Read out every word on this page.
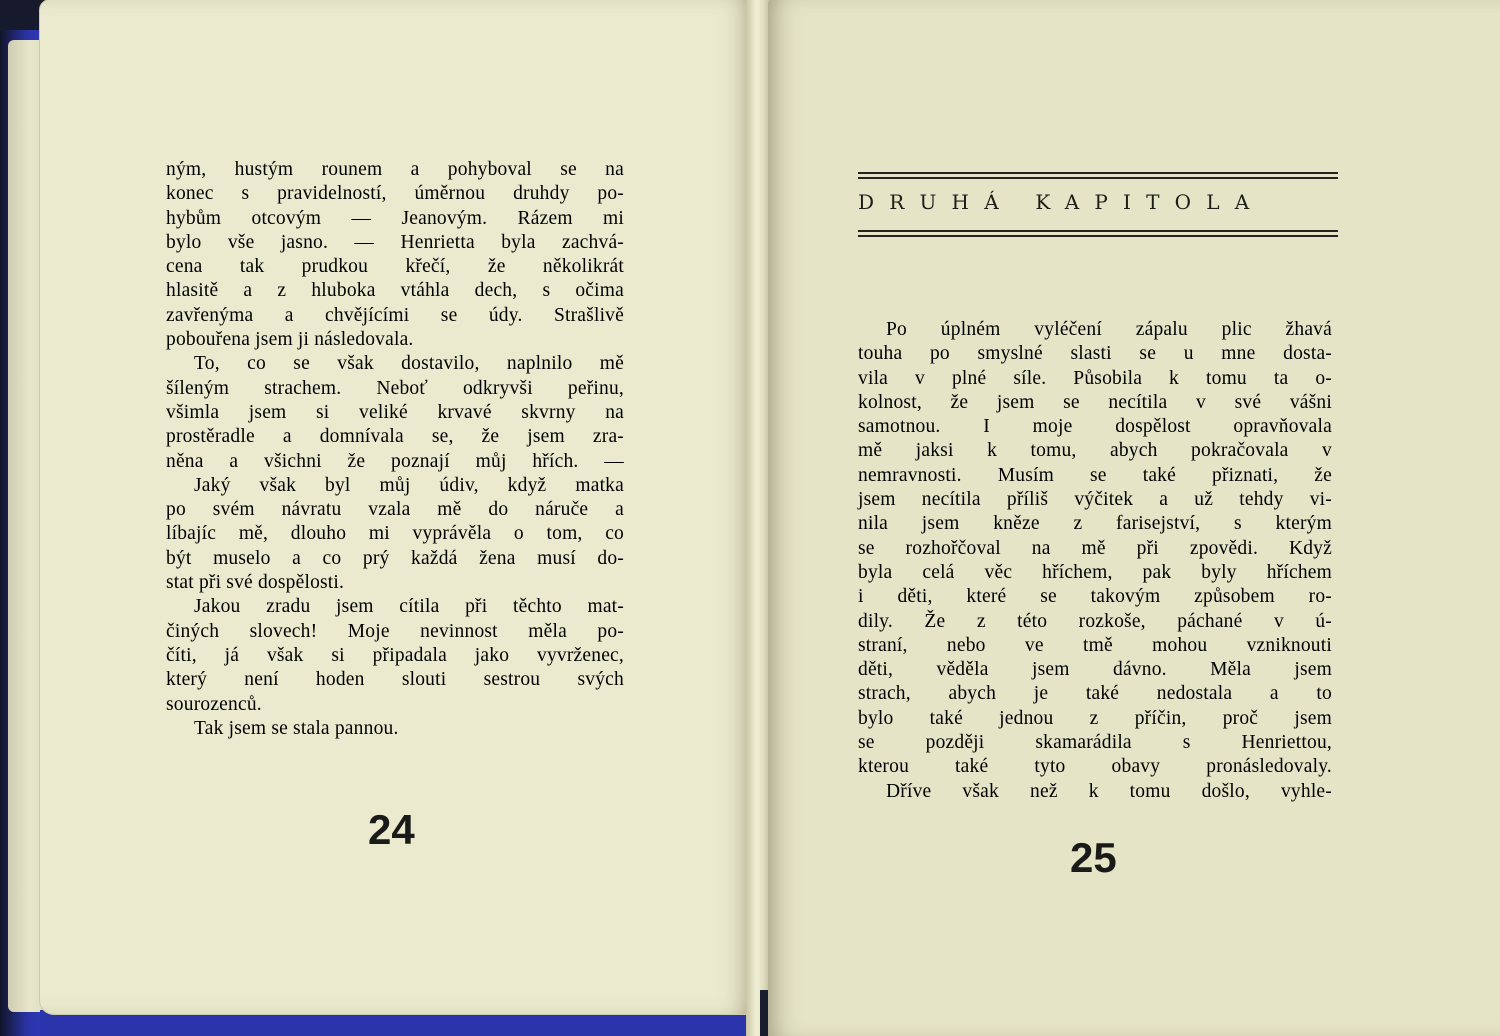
ným, hustým rounem a pohyboval se na
konec s pravidelností, úměrnou druhdy po-
hybům otcovým — Jeanovým. Rázem mi
bylo vše jasno. — Henrietta byla zachvá-
cena tak prudkou křečí, že několikrát
hlasitě a z hluboka vtáhla dech, s očima
zavřenýma a chvějícími se údy. Strašlivě
pobouřena jsem ji následovala.
To, co se však dostavilo, naplnilo mě
šíleným strachem. Neboť odkryvši peřinu,
všimla jsem si veliké krvavé skvrny na
prostěradle a domnívala se, že jsem zra-
něna a všichni že poznají můj hřích. —
Jaký však byl můj údiv, když matka
po svém návratu vzala mě do náruče a
líbajíc mě, dlouho mi vyprávěla o tom, co
být muselo a co prý každá žena musí do-
stat při své dospělosti.
Jakou zradu jsem cítila při těchto mat-
činých slovech! Moje nevinnost měla po-
číti, já však si připadala jako vyvrženec,
který není hoden slouti sestrou svých
sourozenců.
Tak jsem se stala pannou.
24
DRUHÁ KAPITOLA
Po úplném vyléčení zápalu plic žhavá
touha po smyslné slasti se u mne dosta-
vila v plné síle. Působila k tomu ta o-
kolnost, že jsem se necítila v své vášni
samotnou. I moje dospělost opravňovala
mě jaksi k tomu, abych pokračovala v
nemravnosti. Musím se také přiznati, že
jsem necítila příliš výčitek a už tehdy vi-
nila jsem kněze z farisejství, s kterým
se rozhořčoval na mě při zpovědi. Když
byla celá věc hříchem, pak byly hříchem
i děti, které se takovým způsobem ro-
dily. Že z této rozkoše, páchané v ú-
straní, nebo ve tmě mohou vzniknouti
děti, věděla jsem dávno. Měla jsem
strach, abych je také nedostala a to
bylo také jednou z příčin, proč jsem
se později skamarádila s Henriettou,
kterou také tyto obavy pronásledovaly.
Dříve však než k tomu došlo, vyhle-
25
